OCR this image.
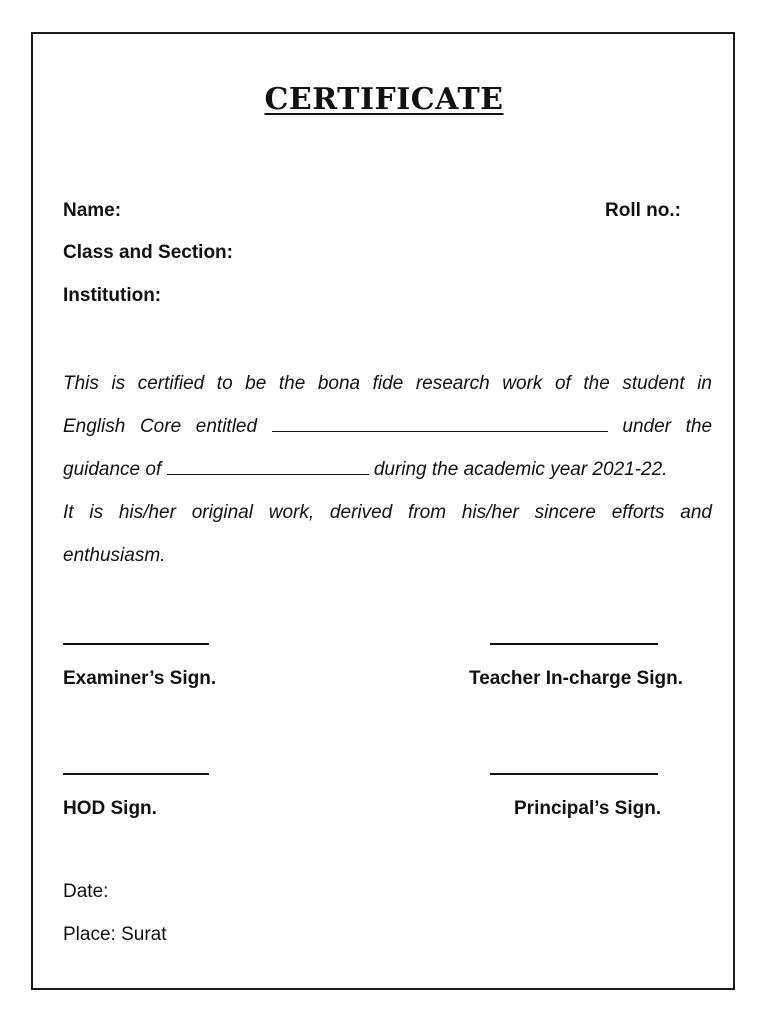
CERTIFICATE
Name:	Roll no.:
Class and Section:
Institution:
This is certified to be the bona fide research work of the student in
English Core entitled	under the
guidance of	during the academic year 2021-22.
It is his/her original work, derived from his/her sincere efforts and
enthusiasm.
Examiner’s Sign.	Teacher In-charge Sign.
HOD Sign.	Principal’s Sign.
Date:
Place: Surat
